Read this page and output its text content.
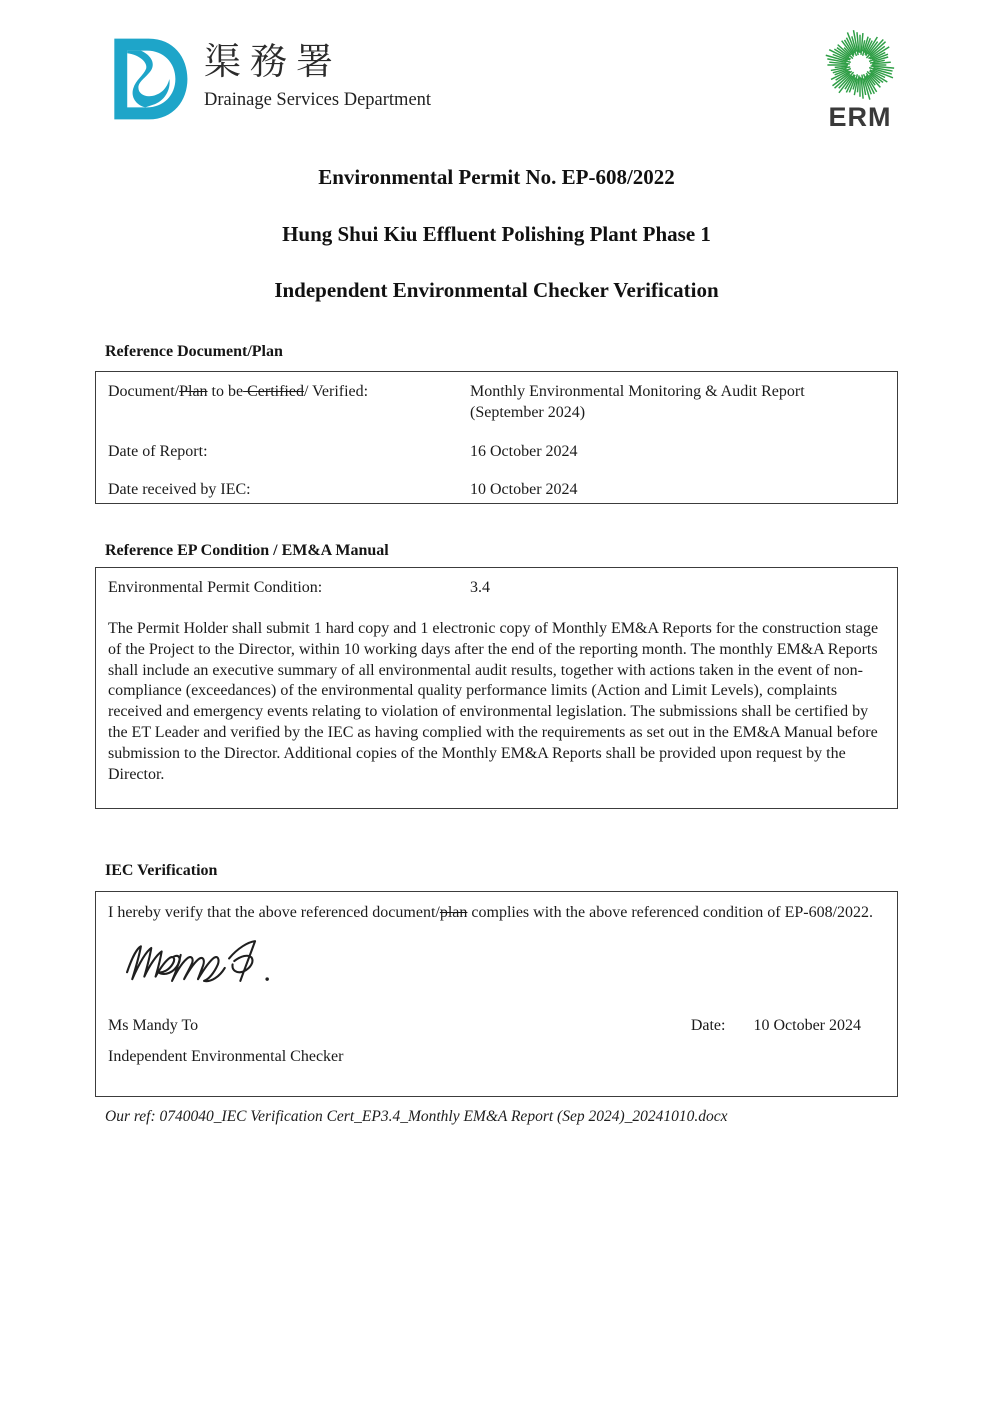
渠務署
Drainage Services Department
ERM
Environmental Permit No. EP-608/2022
Hung Shui Kiu Effluent Polishing Plant Phase 1
Independent Environmental Checker Verification
Reference Document/Plan
Document/Plan to be Certified/ Verified:	Monthly Environmental Monitoring & Audit Report
(September 2024)
Date of Report:	16 October 2024
Date received by IEC:	10 October 2024
Reference EP Condition / EM&A Manual
Environmental Permit Condition:	3.4
The Permit Holder shall submit 1 hard copy and 1 electronic copy of Monthly EM&A Reports for the construction stage of the Project to the Director, within 10 working days after the end of the reporting month. The monthly EM&A Reports shall include an executive summary of all environmental audit results, together with actions taken in the event of non-compliance (exceedances) of the environmental quality performance limits (Action and Limit Levels), complaints received and emergency events relating to violation of environmental legislation. The submissions shall be certified by the ET Leader and verified by the IEC as having complied with the requirements as set out in the EM&A Manual before submission to the Director. Additional copies of the Monthly EM&A Reports shall be provided upon request by the Director.
IEC Verification
I hereby verify that the above referenced document/plan complies with the above referenced condition of EP-608/2022.
Ms Mandy To	Date: 10 October 2024
Independent Environmental Checker
Our ref: 0740040_IEC Verification Cert_EP3.4_Monthly EM&A Report (Sep 2024)_20241010.docx
